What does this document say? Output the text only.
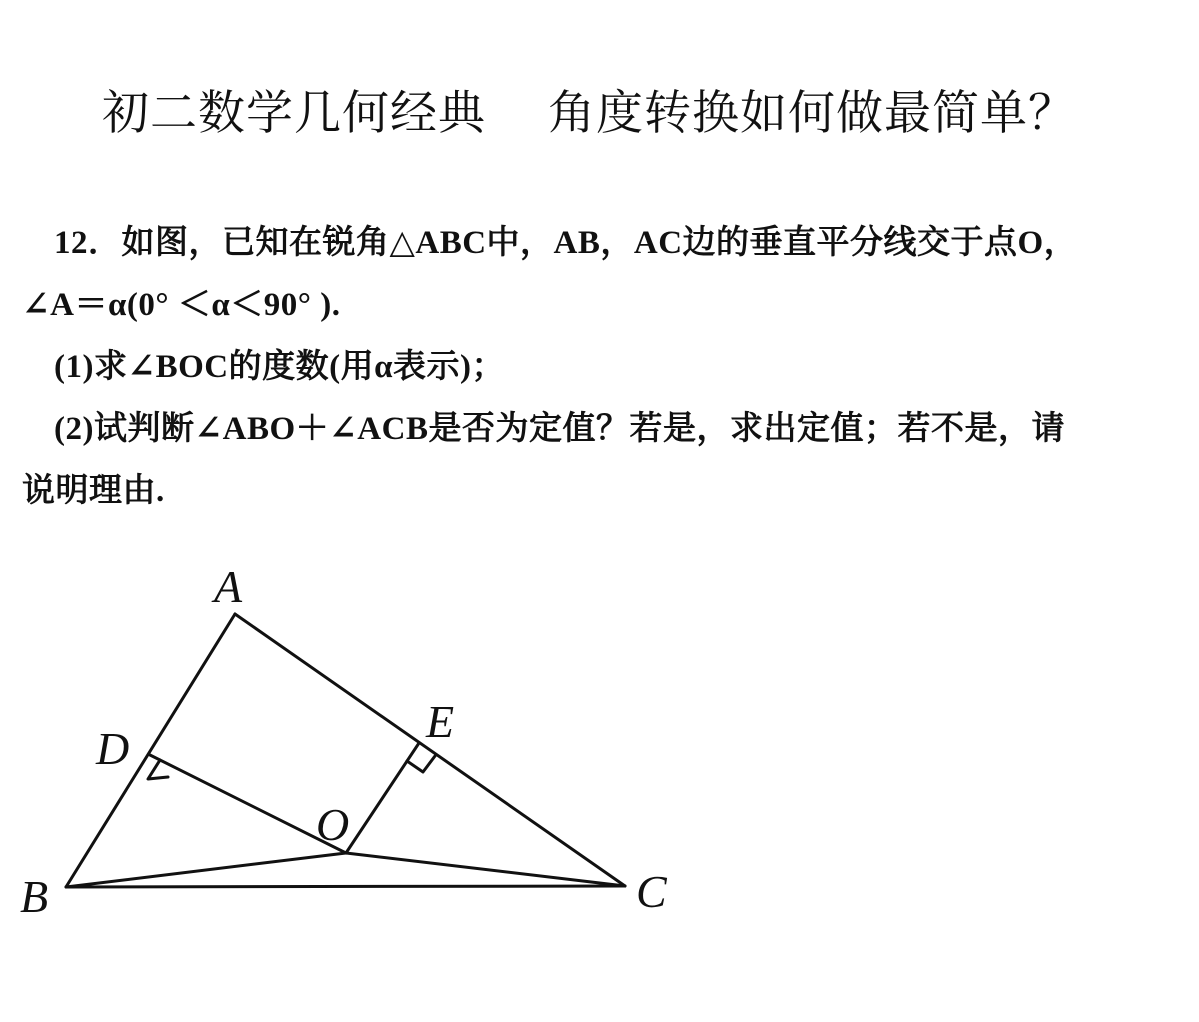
初二数学几何经典 角度转换如何做最简单？

12．如图，已知在锐角△ABC中，AB，AC边的垂直平分线交于点O，

∠A＝α(0° ＜α＜90° ).

(1)求∠BOC的度数(用α表示)；

(2)试判断∠ABO＋∠ACB是否为定值？若是，求出定值；若不是，请

说明理由.

A
D
E
O
B	C
